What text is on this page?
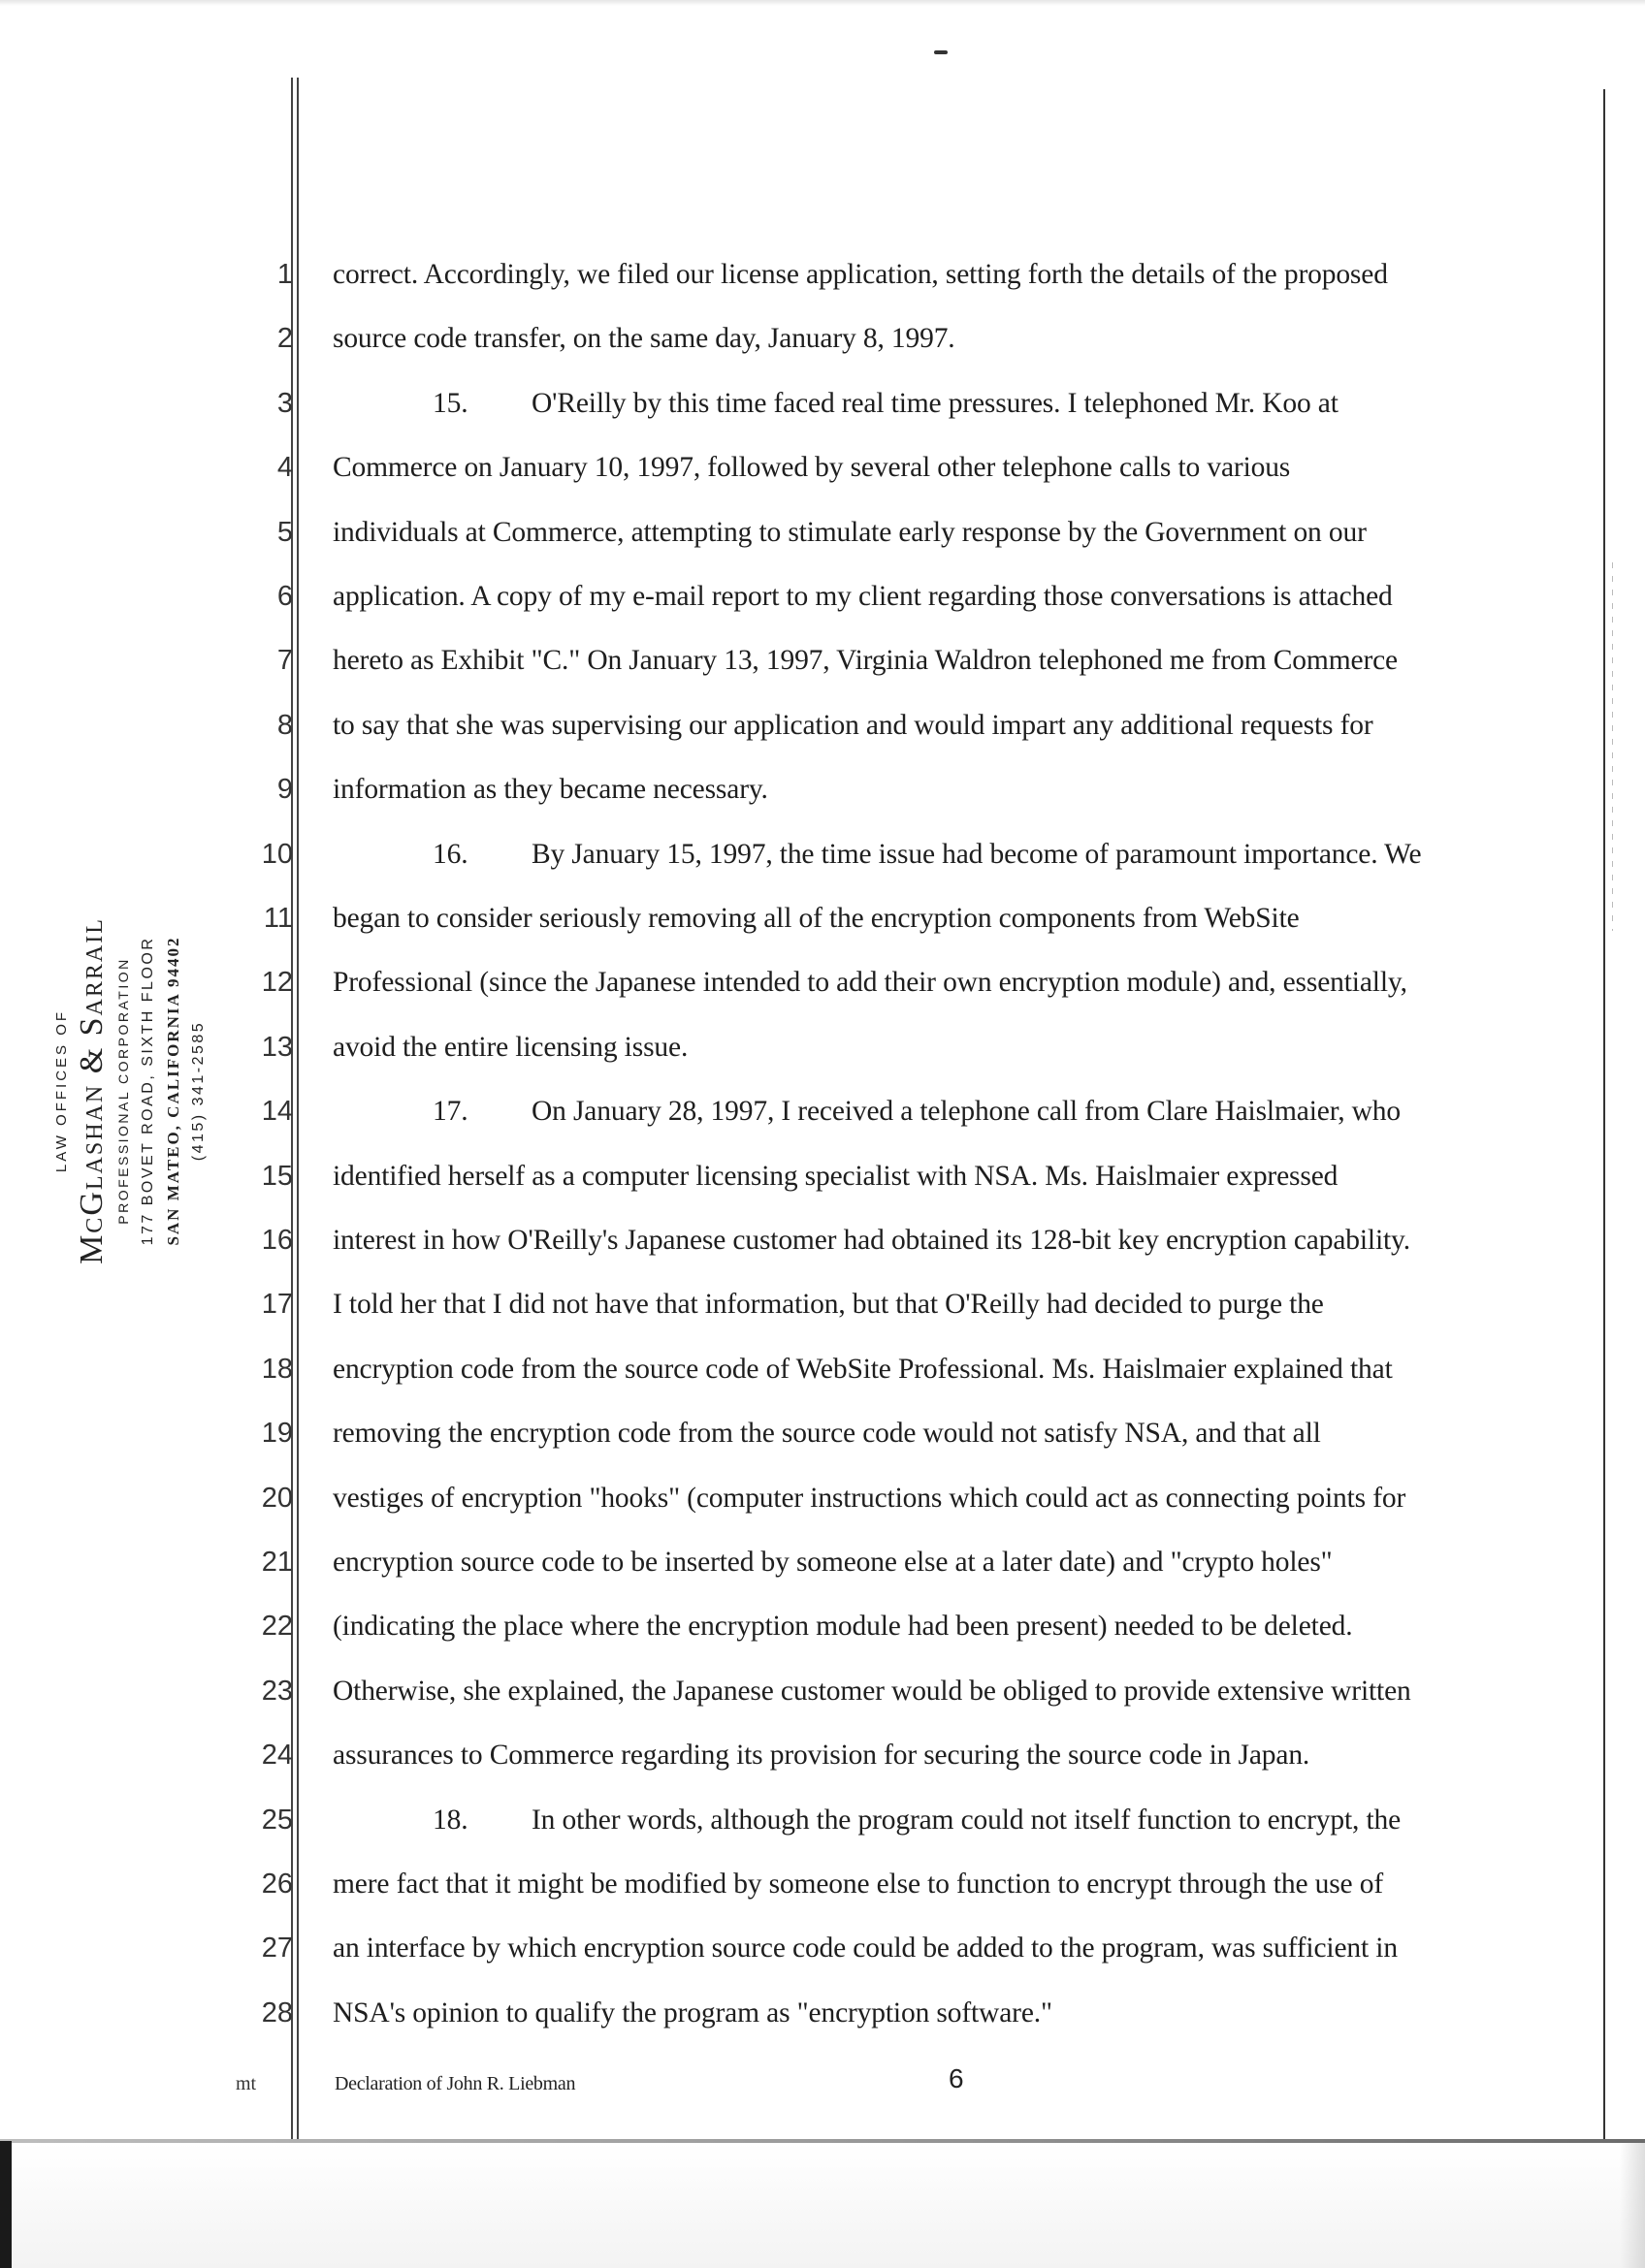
LAW OFFICES OF McGlashan & Sarrail PROFESSIONAL CORPORATION 177 BOVET ROAD, SIXTH FLOOR SAN MATEO, CALIFORNIA 94402 (415) 341-2585
1 correct. Accordingly, we filed our license application, setting forth the details of the proposed
2 source code transfer, on the same day, January 8, 1997.
3	15. O'Reilly by this time faced real time pressures. I telephoned Mr. Koo at
4 Commerce on January 10, 1997, followed by several other telephone calls to various
5 individuals at Commerce, attempting to stimulate early response by the Government on our
6 application. A copy of my e-mail report to my client regarding those conversations is attached
7 hereto as Exhibit "C." On January 13, 1997, Virginia Waldron telephoned me from Commerce
8 to say that she was supervising our application and would impart any additional requests for
9 information as they became necessary.
10	16. By January 15, 1997, the time issue had become of paramount importance. We
11 began to consider seriously removing all of the encryption components from WebSite
12 Professional (since the Japanese intended to add their own encryption module) and, essentially,
13 avoid the entire licensing issue.
14	17. On January 28, 1997, I received a telephone call from Clare Haislmaier, who
15 identified herself as a computer licensing specialist with NSA. Ms. Haislmaier expressed
16 interest in how O'Reilly's Japanese customer had obtained its 128-bit key encryption capability.
17 I told her that I did not have that information, but that O'Reilly had decided to purge the
18 encryption code from the source code of WebSite Professional. Ms. Haislmaier explained that
19 removing the encryption code from the source code would not satisfy NSA, and that all
20 vestiges of encryption "hooks" (computer instructions which could act as connecting points for
21 encryption source code to be inserted by someone else at a later date) and "crypto holes"
22 (indicating the place where the encryption module had been present) needed to be deleted.
23 Otherwise, she explained, the Japanese customer would be obliged to provide extensive written
24 assurances to Commerce regarding its provision for securing the source code in Japan.
25	18. In other words, although the program could not itself function to encrypt, the
26 mere fact that it might be modified by someone else to function to encrypt through the use of
27 an interface by which encryption source code could be added to the program, was sufficient in
28 NSA's opinion to qualify the program as "encryption software."
mt	Declaration of John R. Liebman	6
